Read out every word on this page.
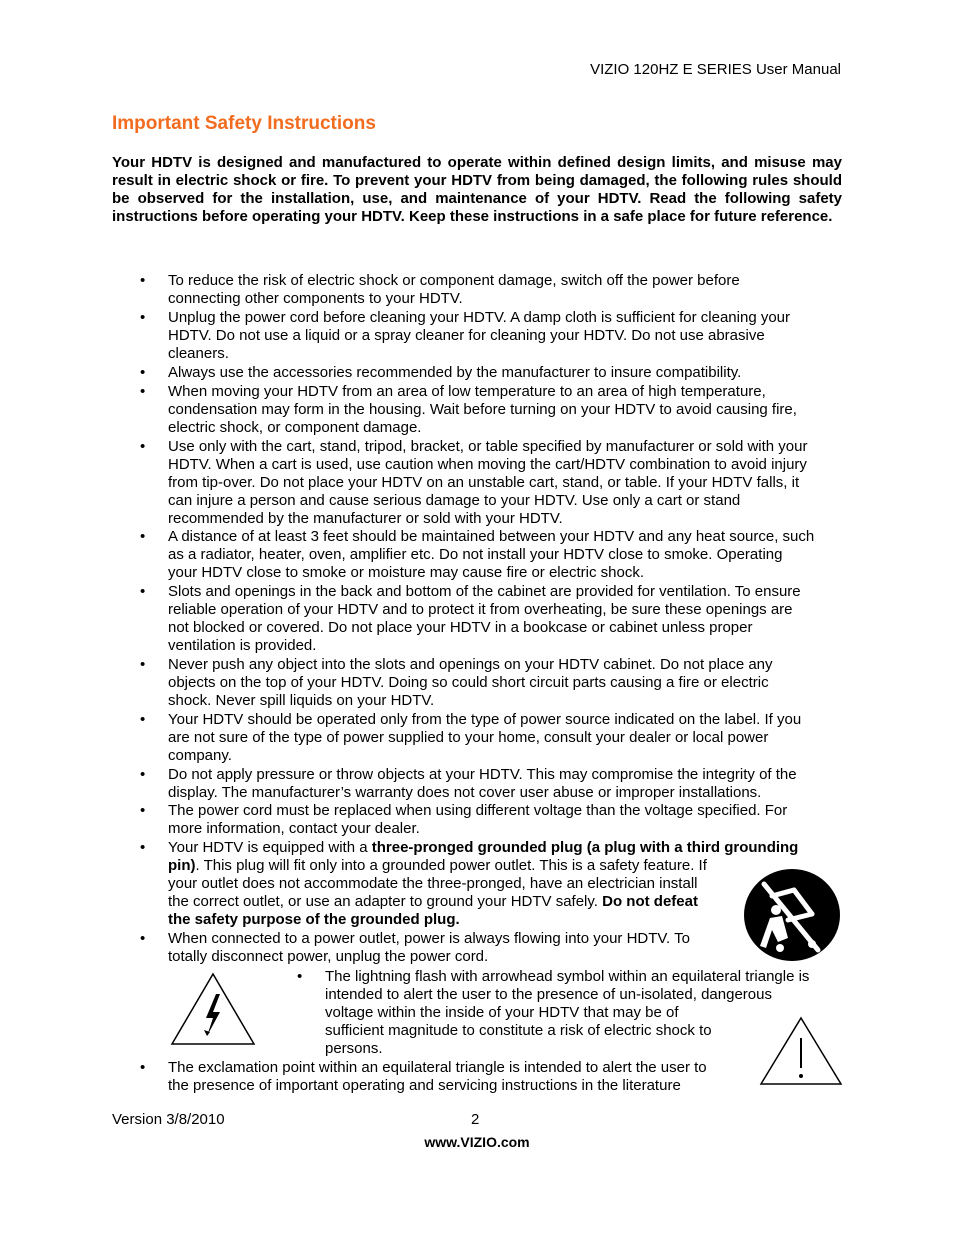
VIZIO 120HZ E SERIES User Manual
Important Safety Instructions
Your HDTV is designed and manufactured to operate within defined design limits, and misuse may result in electric shock or fire. To prevent your HDTV from being damaged, the following rules should be observed for the installation, use, and maintenance of your HDTV. Read the following safety instructions before operating your HDTV. Keep these instructions in a safe place for future reference.
• To reduce the risk of electric shock or component damage, switch off the power before
connecting other components to your HDTV.
• Unplug the power cord before cleaning your HDTV. A damp cloth is sufficient for cleaning your
HDTV. Do not use a liquid or a spray cleaner for cleaning your HDTV. Do not use abrasive
cleaners.
• Always use the accessories recommended by the manufacturer to insure compatibility.
• When moving your HDTV from an area of low temperature to an area of high temperature,
condensation may form in the housing. Wait before turning on your HDTV to avoid causing fire,
electric shock, or component damage.
• Use only with the cart, stand, tripod, bracket, or table specified by manufacturer or sold with your
HDTV. When a cart is used, use caution when moving the cart/HDTV combination to avoid injury
from tip-over. Do not place your HDTV on an unstable cart, stand, or table. If your HDTV falls, it
can injure a person and cause serious damage to your HDTV. Use only a cart or stand
recommended by the manufacturer or sold with your HDTV.
• A distance of at least 3 feet should be maintained between your HDTV and any heat source, such
as a radiator, heater, oven, amplifier etc. Do not install your HDTV close to smoke. Operating
your HDTV close to smoke or moisture may cause fire or electric shock.
• Slots and openings in the back and bottom of the cabinet are provided for ventilation. To ensure
reliable operation of your HDTV and to protect it from overheating, be sure these openings are
not blocked or covered. Do not place your HDTV in a bookcase or cabinet unless proper
ventilation is provided.
• Never push any object into the slots and openings on your HDTV cabinet. Do not place any
objects on the top of your HDTV. Doing so could short circuit parts causing a fire or electric
shock. Never spill liquids on your HDTV.
• Your HDTV should be operated only from the type of power source indicated on the label. If you
are not sure of the type of power supplied to your home, consult your dealer or local power
company.
• Do not apply pressure or throw objects at your HDTV. This may compromise the integrity of the
display. The manufacturer’s warranty does not cover user abuse or improper installations.
• The power cord must be replaced when using different voltage than the voltage specified. For
more information, contact your dealer.
• Your HDTV is equipped with a three-pronged grounded plug (a plug with a third grounding
pin). This plug will fit only into a grounded power outlet. This is a safety feature. If
your outlet does not accommodate the three-pronged, have an electrician install
the correct outlet, or use an adapter to ground your HDTV safely. Do not defeat
the safety purpose of the grounded plug.
• When connected to a power outlet, power is always flowing into your HDTV. To
totally disconnect power, unplug the power cord.
• The lightning flash with arrowhead symbol within an equilateral triangle is
intended to alert the user to the presence of un-isolated, dangerous
voltage within the inside of your HDTV that may be of
sufficient magnitude to constitute a risk of electric shock to
persons.
• The exclamation point within an equilateral triangle is intended to alert the user to
the presence of important operating and servicing instructions in the literature
Version 3/8/2010	2
www.VIZIO.com
